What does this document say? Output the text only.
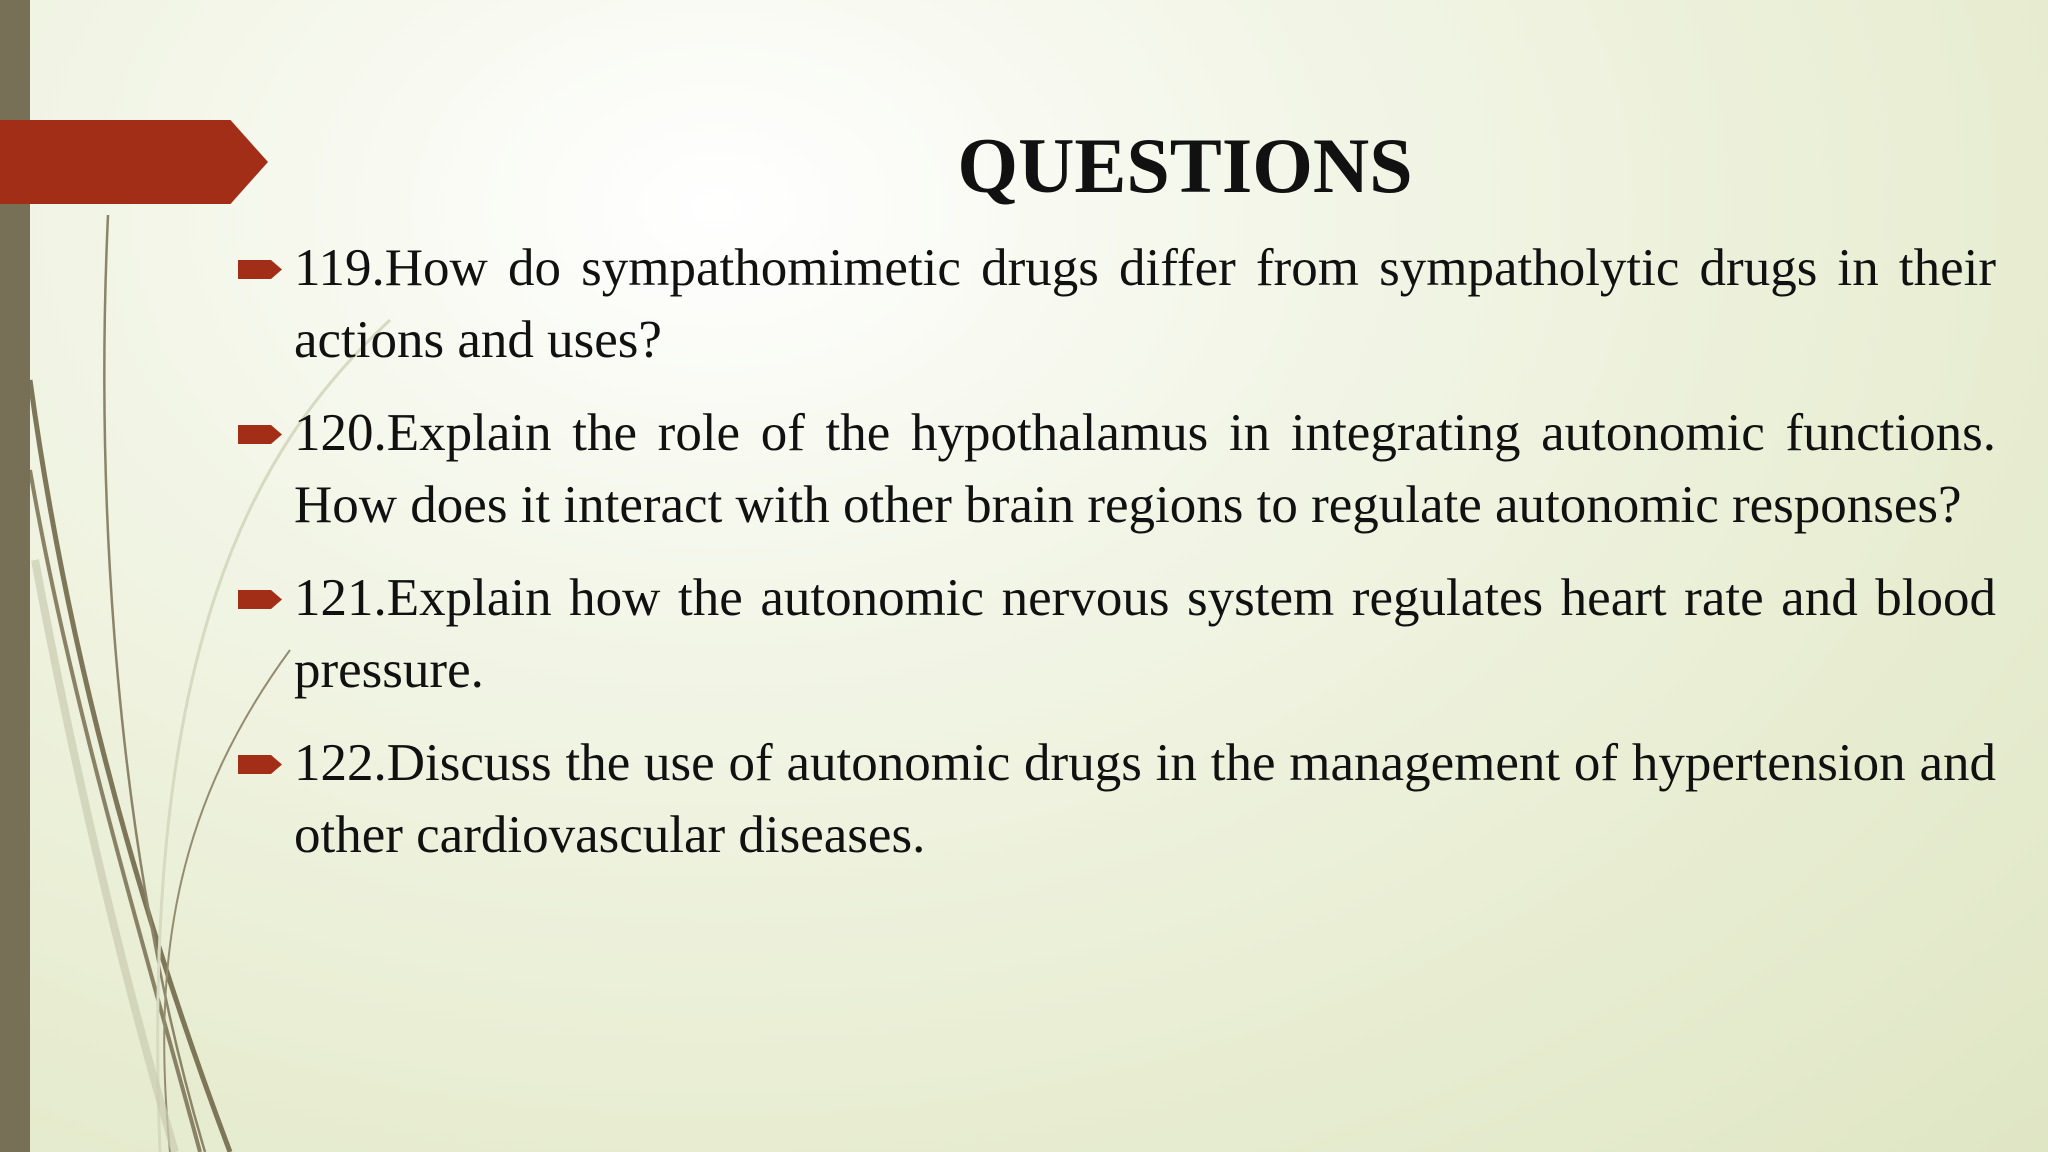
QUESTIONS
119.How do sympathomimetic drugs differ from sympatholytic drugs in their actions and uses?
120.Explain the role of the hypothalamus in integrating autonomic functions. How does it interact with other brain regions to regulate autonomic responses?
121.Explain how the autonomic nervous system regulates heart rate and blood pressure.
122.Discuss the use of autonomic drugs in the management of hypertension and other cardiovascular diseases.
